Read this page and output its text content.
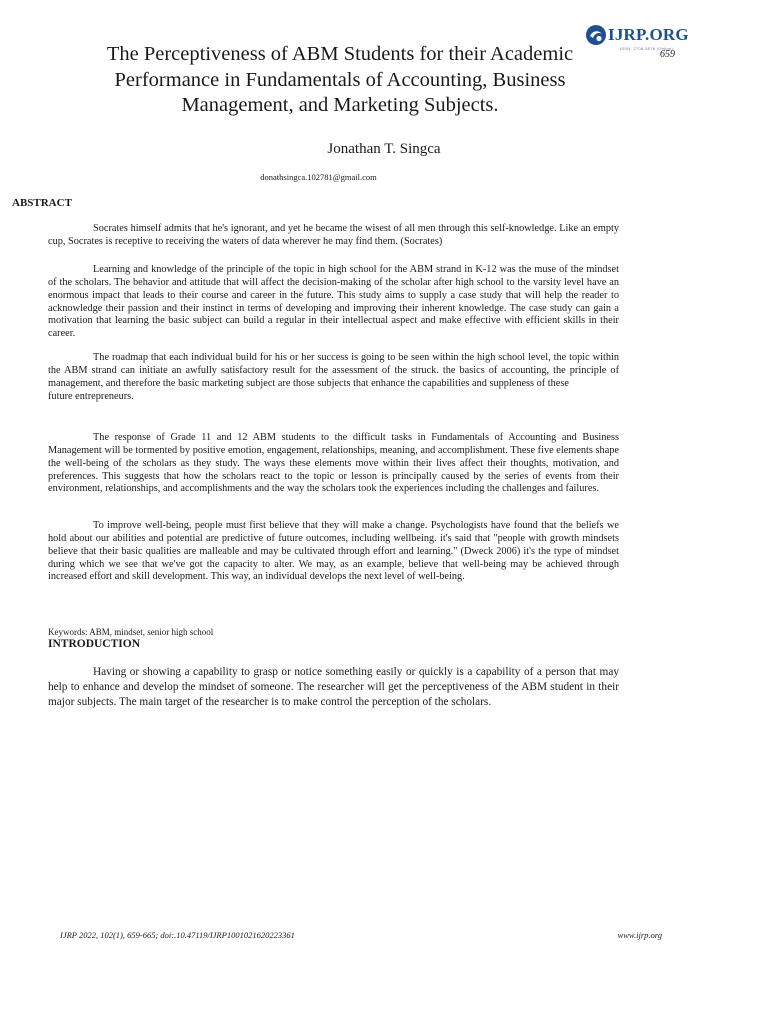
IJRP.ORG
ISSN: 2708-3578 (Online)
659
The Perceptiveness of ABM Students for their Academic Performance in Fundamentals of Accounting, Business Management, and Marketing Subjects.
Jonathan T. Singca
donathsingca.102781@gmail.com
ABSTRACT
Socrates himself admits that he's ignorant, and yet he became the wisest of all men through this self-knowledge. Like an empty cup, Socrates is receptive to receiving the waters of data wherever he may find them. (Socrates)
Learning and knowledge of the principle of the topic in high school for the ABM strand in K-12 was the muse of the mindset of the scholars. The behavior and attitude that will affect the decision-making of the scholar after high school to the varsity level have an enormous impact that leads to their course and career in the future. This study aims to supply a case study that will help the reader to acknowledge their passion and their instinct in terms of developing and improving their inherent knowledge. The case study can gain a motivation that learning the basic subject can build a regular in their intellectual aspect and make effective with efficient skills in their career.
The roadmap that each individual build for his or her success is going to be seen within the high school level, the topic within the ABM strand can initiate an awfully satisfactory result for the assessment of the struck. the basics of accounting, the principle of management, and therefore the basic marketing subject are those subjects that enhance the capabilities and suppleness of these
future entrepreneurs.
The response of Grade 11 and 12 ABM students to the difficult tasks in Fundamentals of Accounting and Business Management will be tormented by positive emotion, engagement, relationships, meaning, and accomplishment. These five elements shape the well-being of the scholars as they study. The ways these elements move within their lives affect their thoughts, motivation, and preferences. This suggests that how the scholars react to the topic or lesson is principally caused by the series of events from their environment, relationships, and accomplishments and the way the scholars took the experiences including the challenges and failures.
To improve well-being, people must first believe that they will make a change. Psychologists have found that the beliefs we hold about our abilities and potential are predictive of future outcomes, including wellbeing. it's said that "people with growth mindsets believe that their basic qualities are malleable and may be cultivated through effort and learning." (Dweck 2006) it's the type of mindset during which we see that we've got the capacity to alter. We may, as an example, believe that well-being may be achieved through increased effort and skill development. This way, an individual develops the next level of well-being.
Keywords: ABM, mindset, senior high school
INTRODUCTION
Having or showing a capability to grasp or notice something easily or quickly is a capability of a person that may help to enhance and develop the mindset of someone. The researcher will get the perceptiveness of the ABM student in their major subjects. The main target of the researcher is to make control the perception of the scholars.
IJRP 2022, 102(1), 659-665; doi:.10.47119/IJRP1001021620223361	www.ijrp.org
